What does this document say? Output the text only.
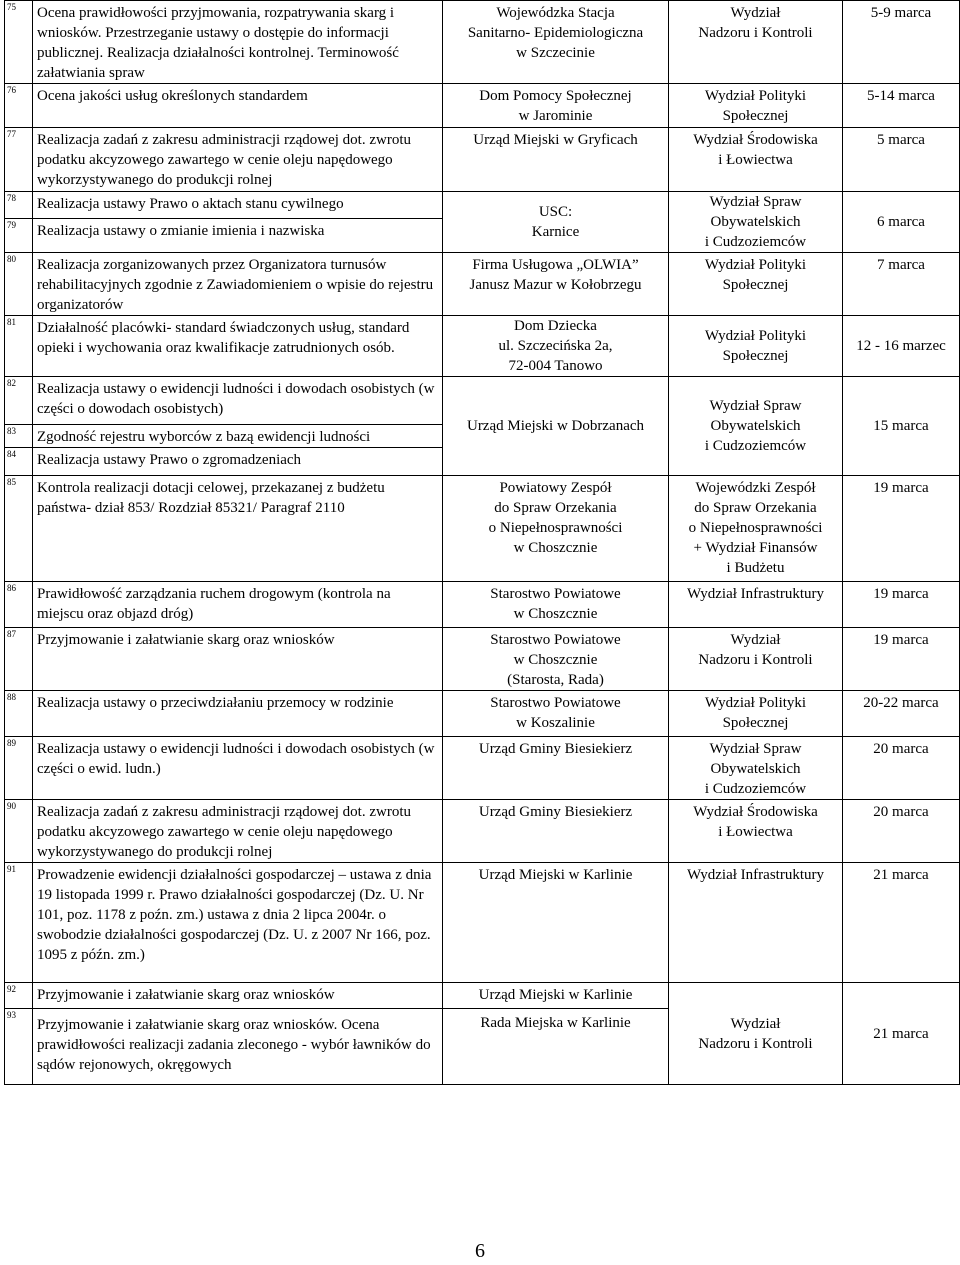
75	Ocena prawidłowości przyjmowania, rozpatrywania skarg i wniosków. Przestrzeganie ustawy o dostępie do informacji publicznej. Realizacja działalności kontrolnej. Terminowość załatwiania spraw	Wojewódzka Stacja
Sanitarno- Epidemiologiczna
w Szczecinie	Wydział
Nadzoru i Kontroli	5-9 marca
76	Ocena jakości usług określonych standardem	Dom Pomocy Społecznej
w Jarominie	Wydział Polityki
Społecznej	5-14 marca
77	Realizacja zadań z zakresu administracji rządowej dot. zwrotu podatku akcyzowego zawartego w cenie oleju napędowego wykorzystywanego do produkcji rolnej	Urząd Miejski w Gryficach	Wydział Środowiska
i Łowiectwa	5 marca
78	Realizacja ustawy Prawo o aktach stanu cywilnego	USC:
Karnice	Wydział Spraw
Obywatelskich
i Cudzoziemców	6 marca
79	Realizacja ustawy o zmianie imienia i nazwiska			
80	Realizacja zorganizowanych przez Organizatora turnusów rehabilitacyjnych zgodnie z Zawiadomieniem o wpisie do rejestru organizatorów	Firma Usługowa „OLWIA”
Janusz Mazur w Kołobrzegu	Wydział Polityki
Społecznej	7 marca
81	Działalność placówki- standard świadczonych usług, standard opieki i wychowania oraz kwalifikacje zatrudnionych osób.	Dom Dziecka
ul. Szczecińska 2a,
72-004 Tanowo	Wydział Polityki
Społecznej	12 - 16 marzec
82	Realizacja ustawy o ewidencji ludności i dowodach osobistych (w części o dowodach osobistych)	Urząd Miejski w Dobrzanach	Wydział Spraw
Obywatelskich
i Cudzoziemców	15 marca
83	Zgodność rejestru wyborców z bazą ewidencji ludności			
84	Realizacja ustawy Prawo o zgromadzeniach			
85	Kontrola realizacji dotacji celowej, przekazanej z budżetu państwa- dział 853/ Rozdział 85321/ Paragraf 2110	Powiatowy Zespół
do Spraw Orzekania
o Niepełnosprawności
w Choszcznie	Wojewódzki Zespół
do Spraw Orzekania
o Niepełnosprawności
+ Wydział Finansów
i Budżetu	19 marca
86	Prawidłowość zarządzania ruchem drogowym (kontrola na miejscu oraz objazd dróg)	Starostwo Powiatowe
w Choszcznie	Wydział Infrastruktury	19 marca
87	Przyjmowanie i załatwianie skarg oraz wniosków	Starostwo Powiatowe
w Choszcznie
(Starosta, Rada)	Wydział
Nadzoru i Kontroli	19 marca
88	Realizacja ustawy o przeciwdziałaniu przemocy w rodzinie	Starostwo Powiatowe
w Koszalinie	Wydział Polityki
Społecznej	20-22 marca
89	Realizacja ustawy o ewidencji ludności i dowodach osobistych (w części o ewid. ludn.)	Urząd Gminy Biesiekierz	Wydział Spraw
Obywatelskich
i Cudzoziemców	20 marca
90	Realizacja zadań z zakresu administracji rządowej dot. zwrotu podatku akcyzowego zawartego w cenie oleju napędowego wykorzystywanego do produkcji rolnej	Urząd Gminy Biesiekierz	Wydział Środowiska
i Łowiectwa	20 marca
91	Prowadzenie ewidencji działalności gospodarczej – ustawa z dnia 19 listopada 1999 r. Prawo działalności gospodarczej (Dz. U. Nr 101, poz. 1178 z poźn. zm.) ustawa z dnia 2 lipca 2004r. o swobodzie działalności gospodarczej (Dz. U. z 2007 Nr 166, poz. 1095 z późn. zm.)	Urząd Miejski w Karlinie	Wydział Infrastruktury	21 marca
92	Przyjmowanie i załatwianie skarg oraz wniosków	Urząd Miejski w Karlinie	Wydział
Nadzoru i Kontroli	21 marca
93	Przyjmowanie i załatwianie skarg oraz wniosków. Ocena prawidłowości realizacji zadania zleconego - wybór ławników do sądów rejonowych, okręgowych	Rada Miejska w Karlinie		
6
